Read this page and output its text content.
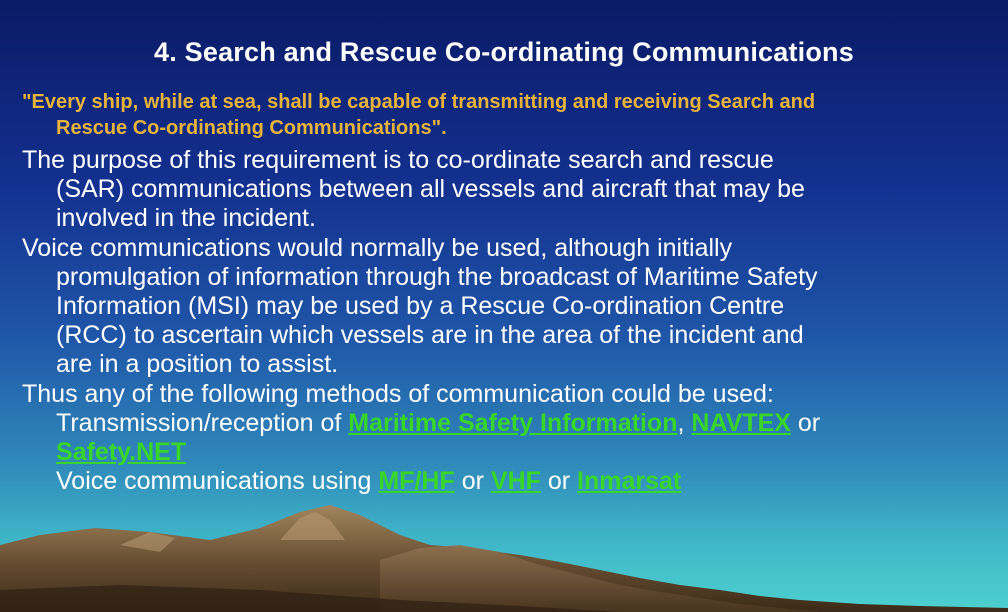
4. Search and Rescue Co-ordinating Communications
"Every ship, while at sea, shall be capable of transmitting and receiving Search and
Rescue Co-ordinating Communications".
The purpose of this requirement is to co-ordinate search and rescue
(SAR) communications between all vessels and aircraft that may be
involved in the incident.
Voice communications would normally be used, although initially
promulgation of information through the broadcast of Maritime Safety
Information (MSI) may be used by a Rescue Co-ordination Centre
(RCC) to ascertain which vessels are in the area of the incident and
are in a position to assist.
Thus any of the following methods of communication could be used:
Transmission/reception of Maritime Safety Information, NAVTEX or
Safety.NET
Voice communications using MF/HF or VHF or Inmarsat
